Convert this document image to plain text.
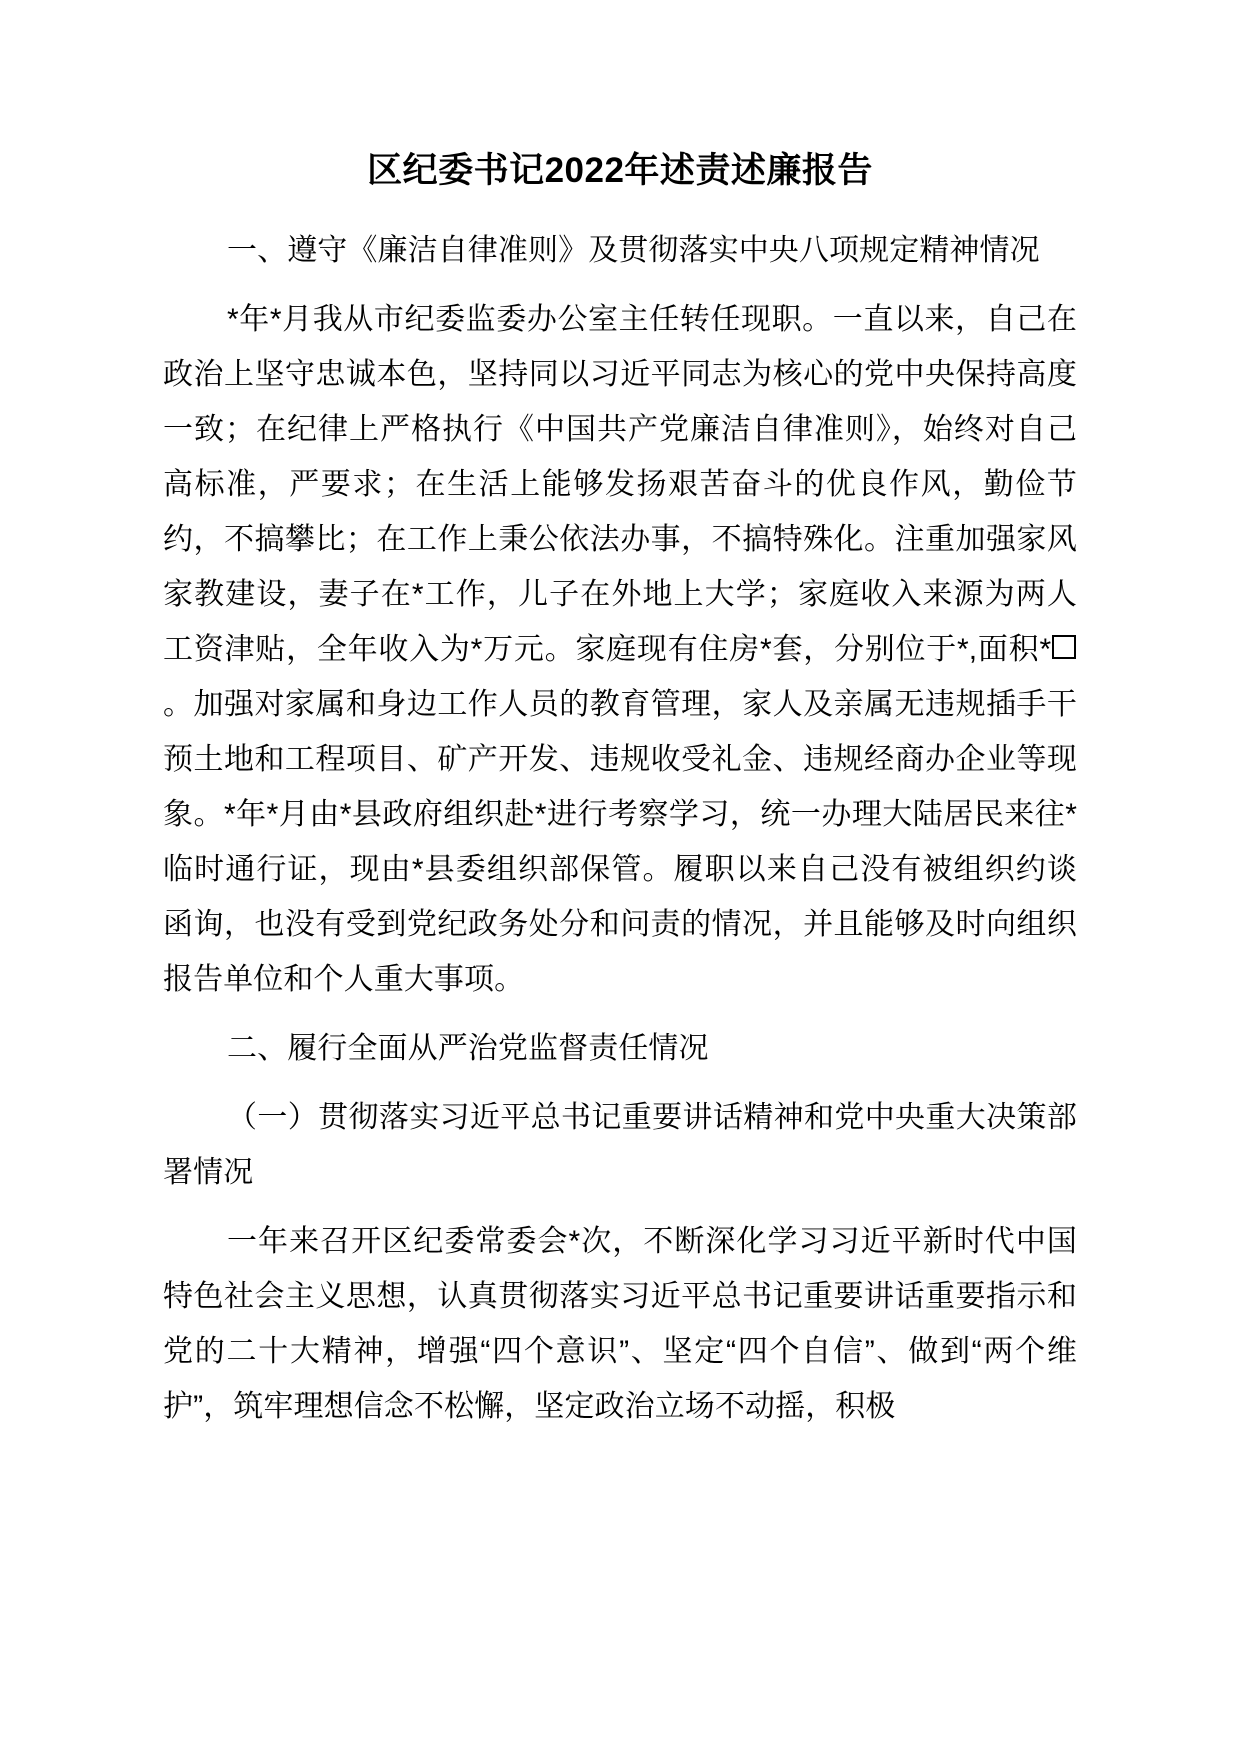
区纪委书记2022年述责述廉报告

一、遵守《廉洁自律准则》及贯彻落实中央八项规定精神情况

*年*月我从市纪委监委办公室主任转任现职。一直以来，自己在政治上坚守忠诚本色，坚持同以习近平同志为核心的党中央保持高度一致；在纪律上严格执行《中国共产党廉洁自律准则》，始终对自己高标准，严要求；在生活上能够发扬艰苦奋斗的优良作风，勤俭节约，不搞攀比；在工作上秉公依法办事，不搞特殊化。注重加强家风家教建设，妻子在*工作，儿子在外地上大学；家庭收入来源为两人工资津贴，全年收入为*万元。家庭现有住房*套，分别位于*,面积*。加强对家属和身边工作人员的教育管理，家人及亲属无违规插手干预土地和工程项目、矿产开发、违规收受礼金、违规经商办企业等现象。*年*月由*县政府组织赴*进行考察学习，统一办理大陆居民来往*临时通行证，现由*县委组织部保管。履职以来自己没有被组织约谈函询，也没有受到党纪政务处分和问责的情况，并且能够及时向组织报告单位和个人重大事项。

二、履行全面从严治党监督责任情况

（一）贯彻落实习近平总书记重要讲话精神和党中央重大决策部署情况

一年来召开区纪委常委会*次，不断深化学习习近平新时代中国特色社会主义思想，认真贯彻落实习近平总书记重要讲话重要指示和党的二十大精神，增强“四个意识”、坚定“四个自信”、做到“两个维护”，筑牢理想信念不松懈，坚定政治立场不动摇，积极
